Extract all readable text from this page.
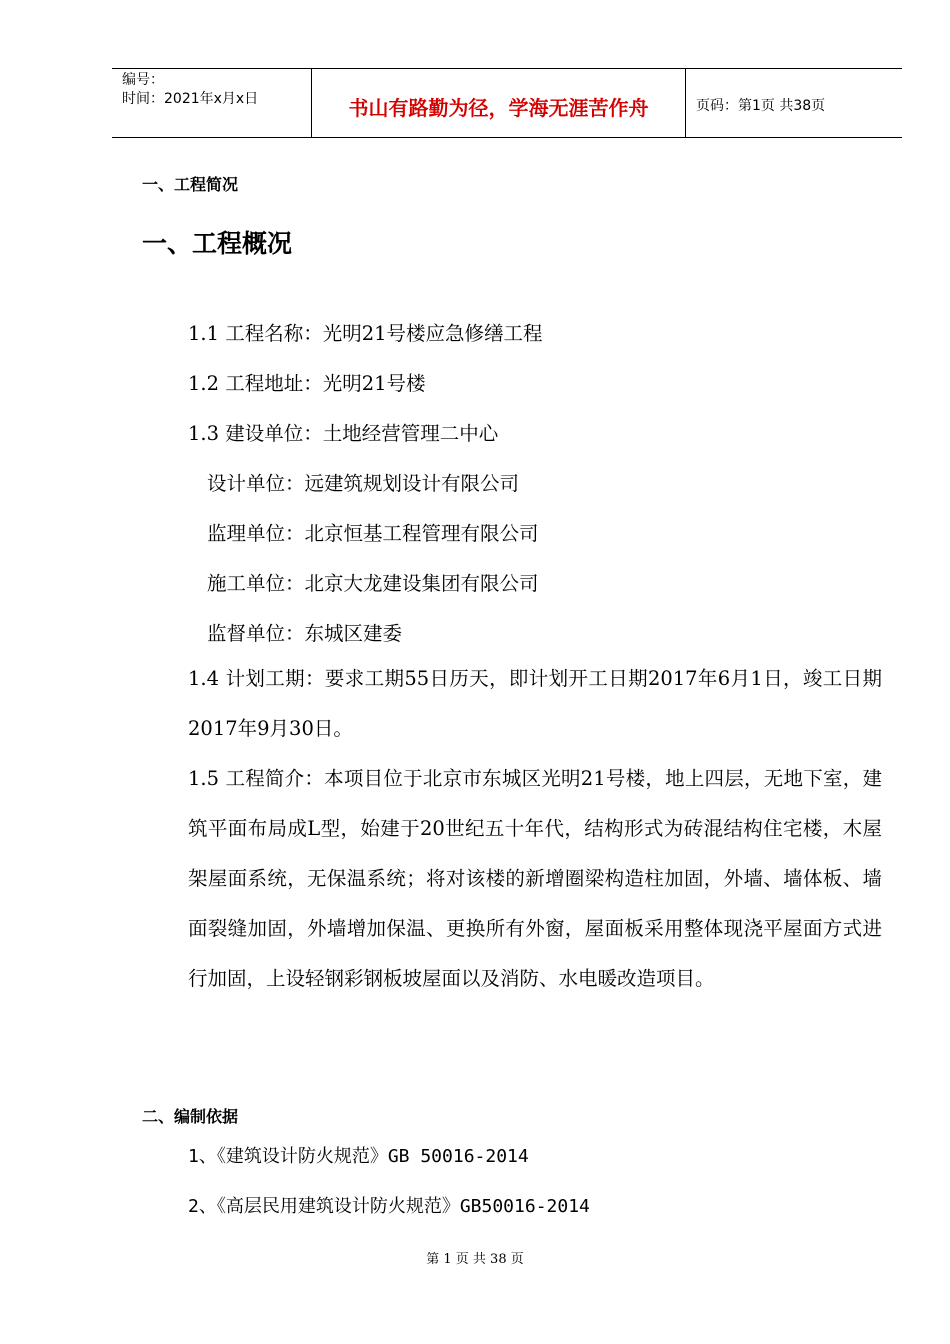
编号：
时间：2021年x月x日	书山有路勤为径，学海无涯苦作舟	页码：第1页 共38页
一、工程简况
一、工程概况
1.1 工程名称：光明21号楼应急修缮工程
1.2 工程地址：光明21号楼
1.3 建设单位：土地经营管理二中心
设计单位：远建筑规划设计有限公司
监理单位：北京恒基工程管理有限公司
施工单位：北京大龙建设集团有限公司
监督单位：东城区建委
1.4 计划工期：要求工期55日历天，即计划开工日期2017年6月1日，竣工日期2017年9月30日。
1.5 工程简介：本项目位于北京市东城区光明21号楼，地上四层，无地下室，建筑平面布局成L型，始建于20世纪五十年代，结构形式为砖混结构住宅楼，木屋架屋面系统，无保温系统；将对该楼的新增圈梁构造柱加固，外墙、墙体板、墙面裂缝加固，外墙增加保温、更换所有外窗，屋面板采用整体现浇平屋面方式进行加固，上设轻钢彩钢板坡屋面以及消防、水电暖改造项目。
二、编制依据
1、《建筑设计防火规范》GB 50016-2014
2、《高层民用建筑设计防火规范》GB50016-2014
第 1 页 共 38 页
